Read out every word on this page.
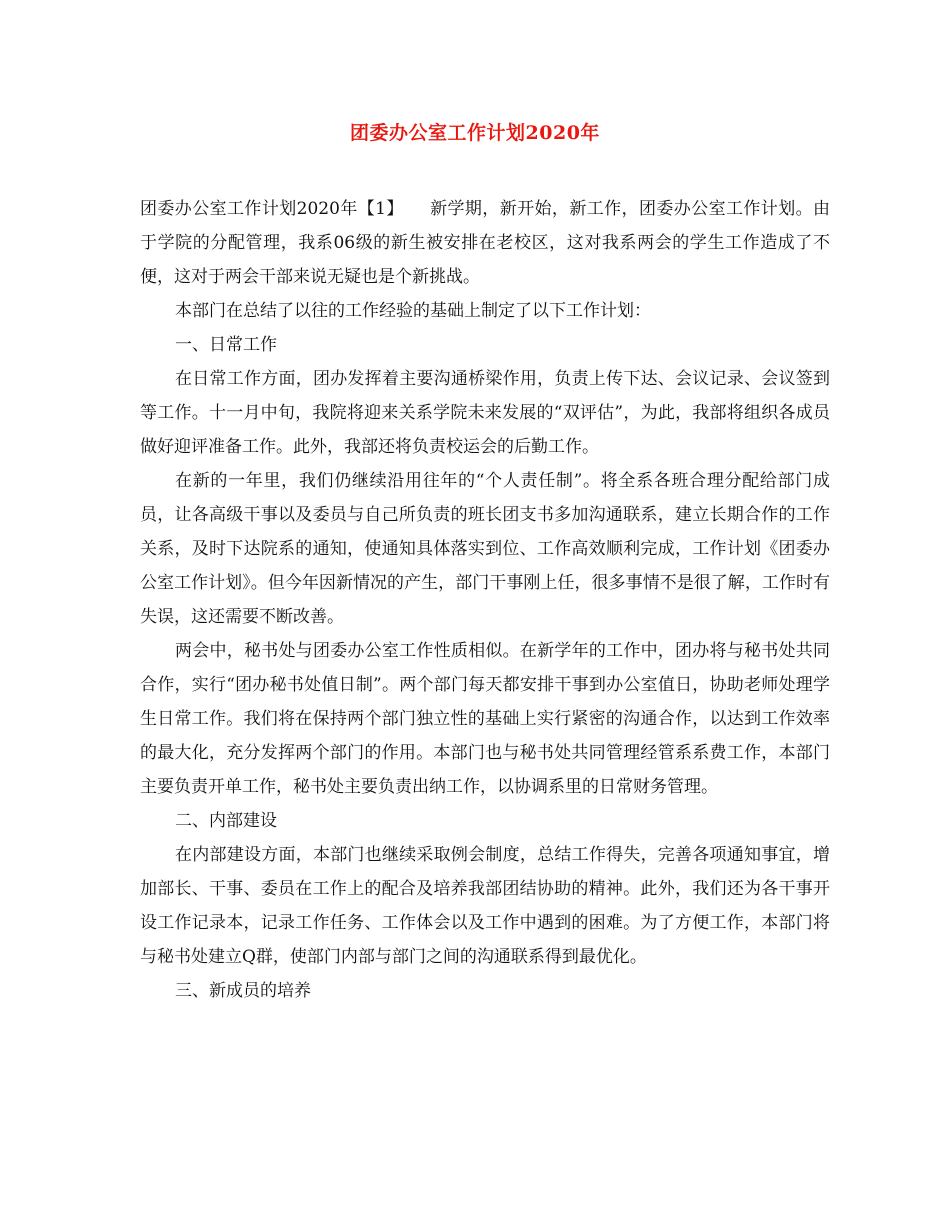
团委办公室工作计划2020年

团委办公室工作计划2020年【1】　　新学期，新开始，新工作，团委办公室工作计划。由于学院的分配管理，我系06级的新生被安排在老校区，这对我系两会的学生工作造成了不便，这对于两会干部来说无疑也是个新挑战。

本部门在总结了以往的工作经验的基础上制定了以下工作计划：

一、日常工作

在日常工作方面，团办发挥着主要沟通桥梁作用，负责上传下达、会议记录、会议签到等工作。十一月中旬，我院将迎来关系学院未来发展的“双评估”，为此，我部将组织各成员做好迎评准备工作。此外，我部还将负责校运会的后勤工作。

在新的一年里，我们仍继续沿用往年的“个人责任制”。将全系各班合理分配给部门成员，让各高级干事以及委员与自己所负责的班长团支书多加沟通联系，建立长期合作的工作关系，及时下达院系的通知，使通知具体落实到位、工作高效顺利完成，工作计划《团委办公室工作计划》。但今年因新情况的产生，部门干事刚上任，很多事情不是很了解，工作时有失误，这还需要不断改善。

两会中，秘书处与团委办公室工作性质相似。在新学年的工作中，团办将与秘书处共同合作，实行“团办秘书处值日制”。两个部门每天都安排干事到办公室值日，协助老师处理学生日常工作。我们将在保持两个部门独立性的基础上实行紧密的沟通合作，以达到工作效率的最大化，充分发挥两个部门的作用。本部门也与秘书处共同管理经管系系费工作，本部门主要负责开单工作，秘书处主要负责出纳工作，以协调系里的日常财务管理。

二、内部建设

在内部建设方面，本部门也继续采取例会制度，总结工作得失，完善各项通知事宜，增加部长、干事、委员在工作上的配合及培养我部团结协助的精神。此外，我们还为各干事开设工作记录本，记录工作任务、工作体会以及工作中遇到的困难。为了方便工作，本部门将与秘书处建立Q群，使部门内部与部门之间的沟通联系得到最优化。

三、新成员的培养
